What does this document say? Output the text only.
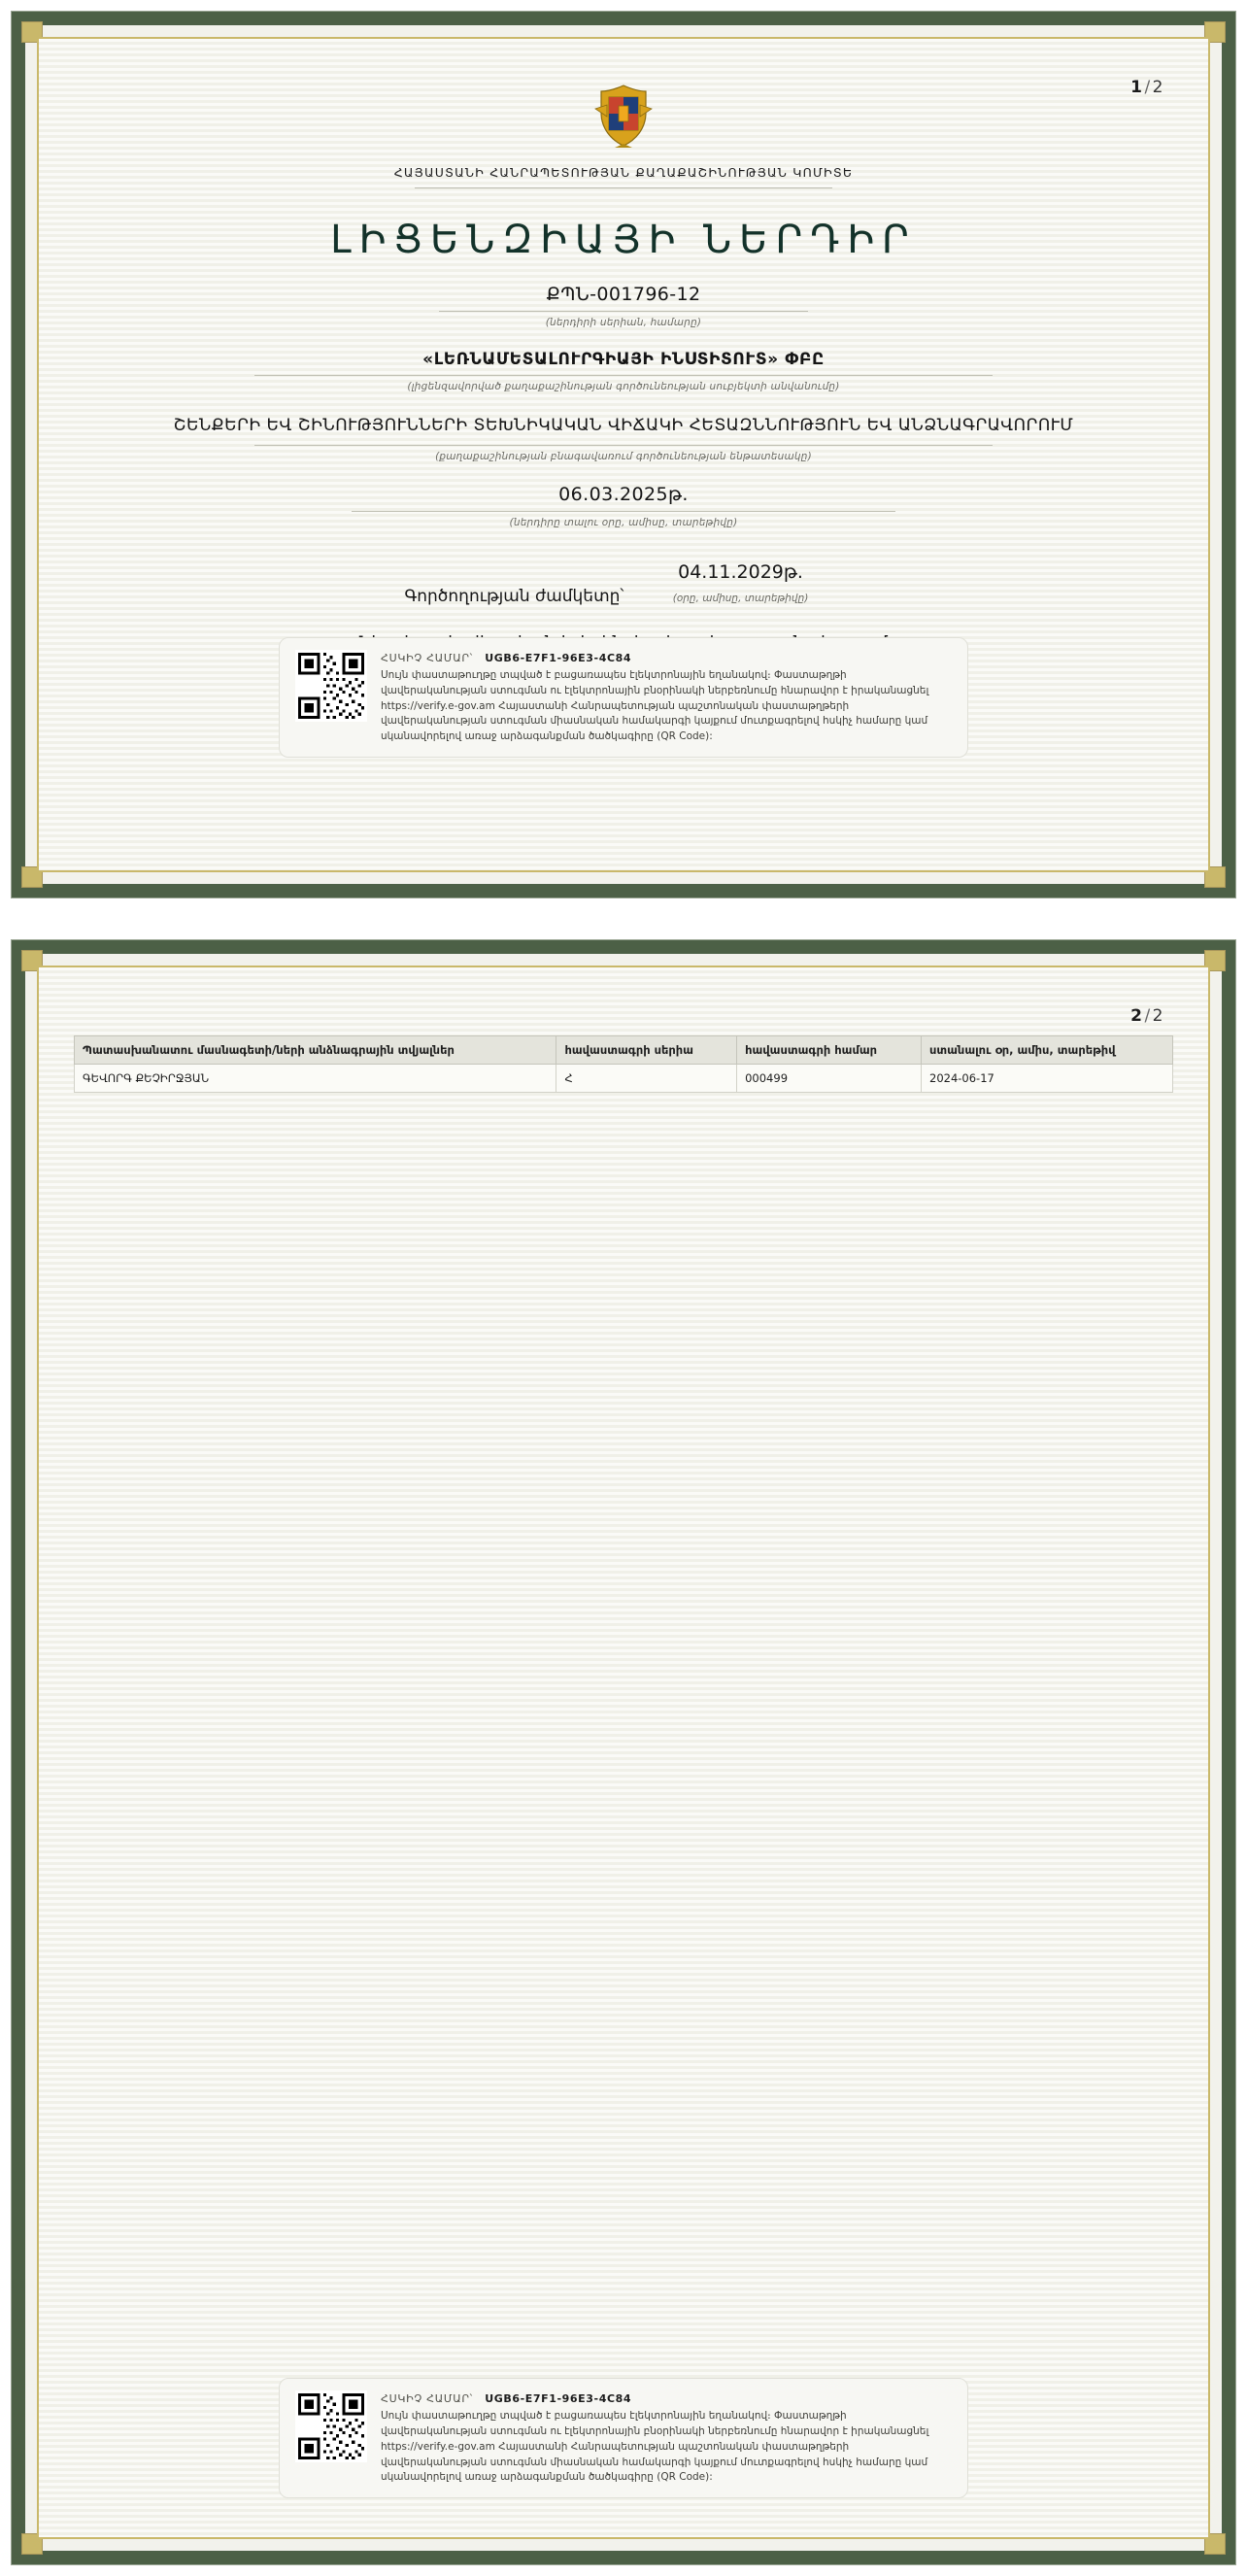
1 / 2
ՀԱՅԱՍՏԱՆԻ ՀԱՆՐԱՊԵՏՈՒԹՅԱՆ ՔԱՂԱՔԱՇԻՆՈՒԹՅԱՆ ԿՈՄԻՏԵ
ԼԻՑԵՆԶԻԱՅԻ ՆԵՐԴԻՐ
ՔՊՆ-001796-12
(ներդիրի սերիան, համարը)
«ԼԵՌՆԱՄԵՏԱԼՈՒՐԳԻԱՅԻ ԻՆՍՏԻՏՈՒՏ» ՓԲԸ
(լիցենզավորված քաղաքաշինության գործունեության սուբյեկտի անվանումը)
ՇԵՆՔԵՐԻ ԵՎ ՇԻՆՈՒԹՅՈՒՆՆԵՐԻ ՏԵԽՆԻԿԱԿԱՆ ՎԻՃԱԿԻ ՀԵՏԱԶՆՆՈՒԹՅՈՒՆ ԵՎ ԱՆՁՆԱԳՐԱՎՈՐՈՒՄ
(քաղաքաշինության բնագավառում գործունեության ենթատեսակը)
06.03.2025թ.
(ներդիրը տալու օրը, ամիսը, տարեթիվը)
Գործողության ժամկետը՝
04.11.2029թ.
(օրը, ամիսը, տարեթիվը)
ՀՍԿԻՉ ՀԱՄԱՐ՝ UGB6-E7F1-96E3-4C84
Սույն փաստաթուղթը տպված է բացառապես էլեկտրոնային եղանակով։ Փաստաթղթի վավերականության ստուգման ու էլեկտրոնային բնօրինակի ներբեռնումը հնարավոր է իրականացնել https://verify.e-gov.am Հայաստանի Հանրապետության պաշտոնական փաստաթղթերի վավերականության ստուգման միասնական համակարգի կայքում մուտքագրելով հսկիչ համարը կամ սկանավորելով առաջ արձագանքման ծածկագիրը (QR Code):
2 / 2
Պատասխանատու մասնագետի/ների անձնագրային տվյալներ	հավաստագրի սերիա	հավաստագրի համար	ստանալու օր, ամիս, տարեթիվ
ԳԵՎՈՐԳ ՔԵՉԻՐՋՅԱՆ	Հ	000499	2024-06-17
ՀՍԿԻՉ ՀԱՄԱՐ՝ UGB6-E7F1-96E3-4C84
Սույն փաստաթուղթը տպված է բացառապես էլեկտրոնային եղանակով։ Փաստաթղթի վավերականության ստուգման ու էլեկտրոնային բնօրինակի ներբեռնումը հնարավոր է իրականացնել https://verify.e-gov.am Հայաստանի Հանրապետության պաշտոնական փաստաթղթերի վավերականության ստուգման միասնական համակարգի կայքում մուտքագրելով հսկիչ համարը կամ սկանավորելով առաջ արձագանքման ծածկագիրը (QR Code):
